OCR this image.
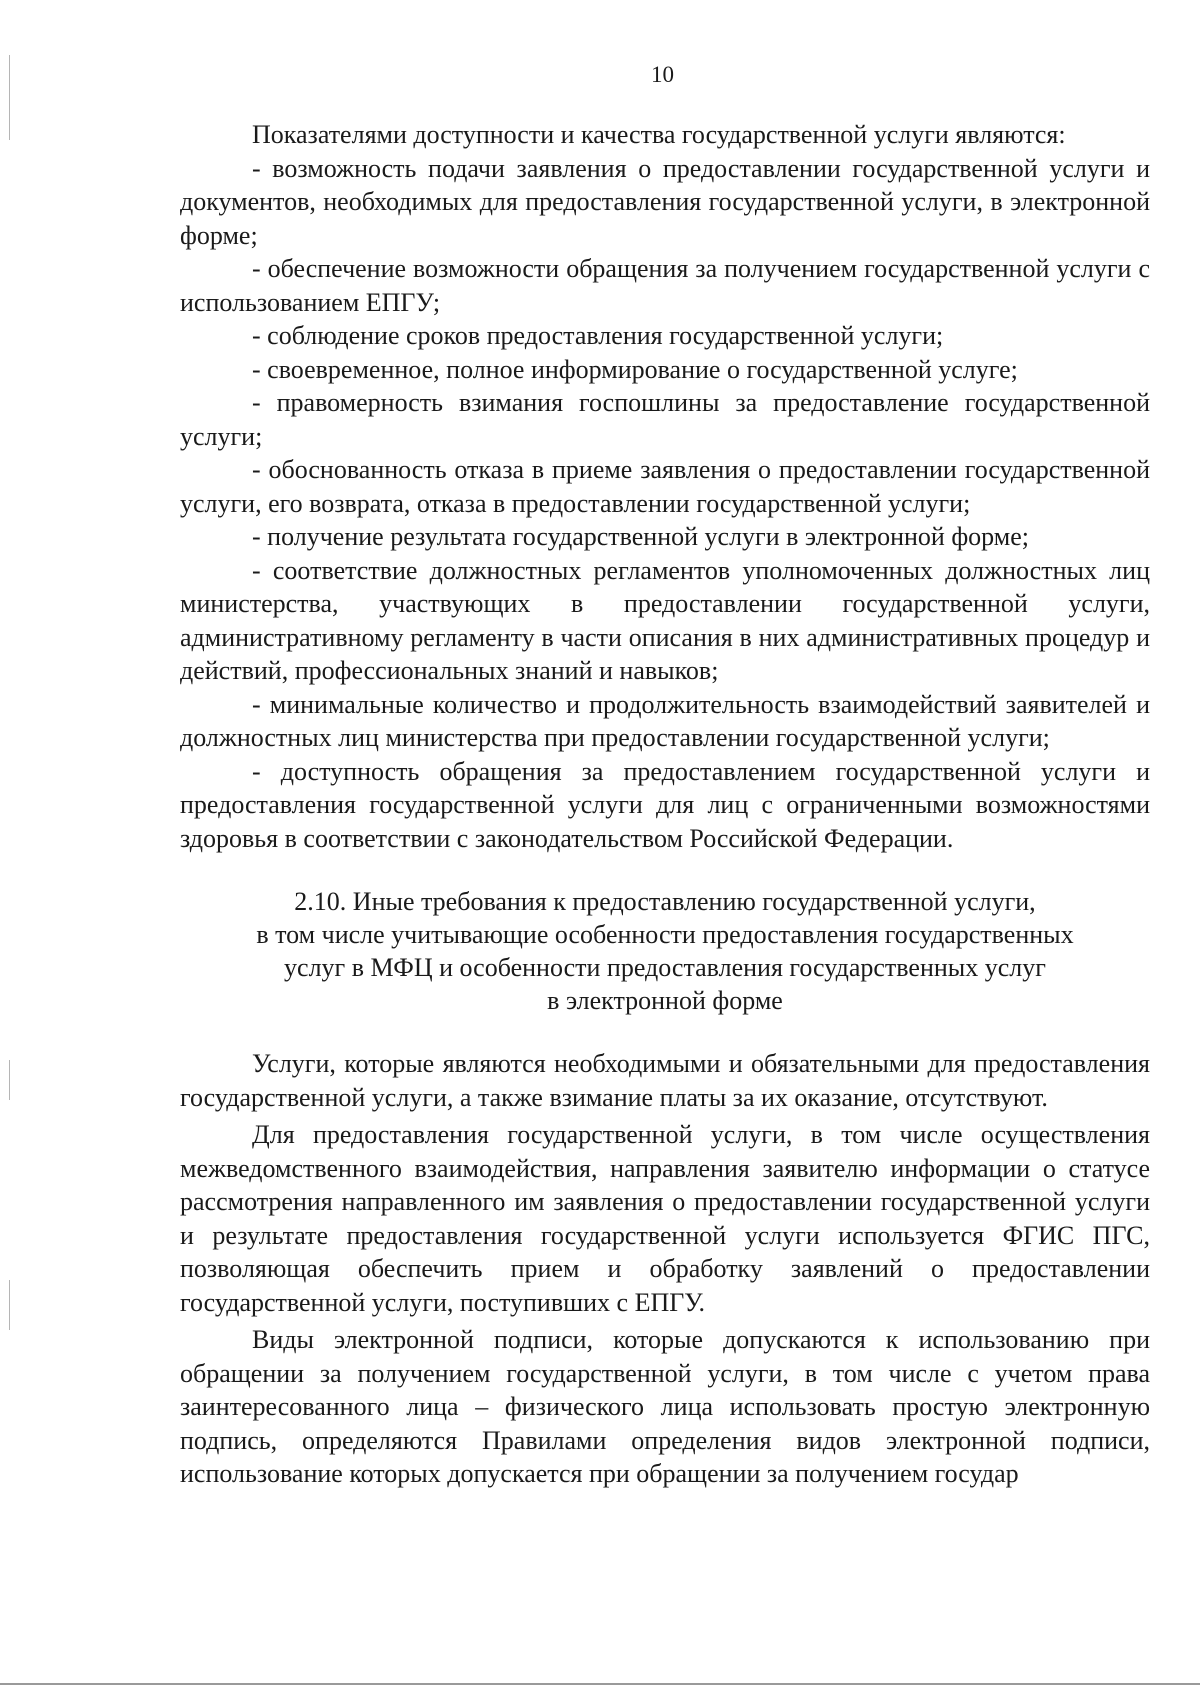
10

Показателями доступности и качества государственной услуги являются:

- возможность подачи заявления о предоставлении государственной услуги и документов, необходимых для предоставления государственной услуги, в электронной форме;

- обеспечение возможности обращения за получением государственной услуги с использованием ЕПГУ;

- соблюдение сроков предоставления государственной услуги;

- своевременное, полное информирование о государственной услуге;

- правомерность взимания госпошлины за предоставление государственной услуги;

- обоснованность отказа в приеме заявления о предоставлении государственной услуги, его возврата, отказа в предоставлении государственной услуги;

- получение результата государственной услуги в электронной форме;

- соответствие должностных регламентов уполномоченных должностных лиц министерства, участвующих в предоставлении государственной услуги, административному регламенту в части описания в них административных процедур и действий, профессиональных знаний и навыков;

- минимальные количество и продолжительность взаимодействий заявителей и должностных лиц министерства при предоставлении государственной услуги;

- доступность обращения за предоставлением государственной услуги и предоставления государственной услуги для лиц с ограниченными возможностями здоровья в соответствии с законодательством Российской Федерации.

2.10. Иные требования к предоставлению государственной услуги,
в том числе учитывающие особенности предоставления государственных
услуг в МФЦ и особенности предоставления государственных услуг
в электронной форме

Услуги, которые являются необходимыми и обязательными для предоставления государственной услуги, а также взимание платы за их оказание, отсутствуют.

Для предоставления государственной услуги, в том числе осуществления межведомственного взаимодействия, направления заявителю информации о статусе рассмотрения направленного им заявления о предоставлении государственной услуги и результате предоставления государственной услуги используется ФГИС ПГС, позволяющая обеспечить прием и обработку заявлений о предоставлении государственной услуги, поступивших с ЕПГУ.

Виды электронной подписи, которые допускаются к использованию при обращении за получением государственной услуги, в том числе с учетом права заинтересованного лица – физического лица использовать простую электронную подпись, определяются Правилами определения видов электронной подписи, использование которых допускается при обращении за получением государ
